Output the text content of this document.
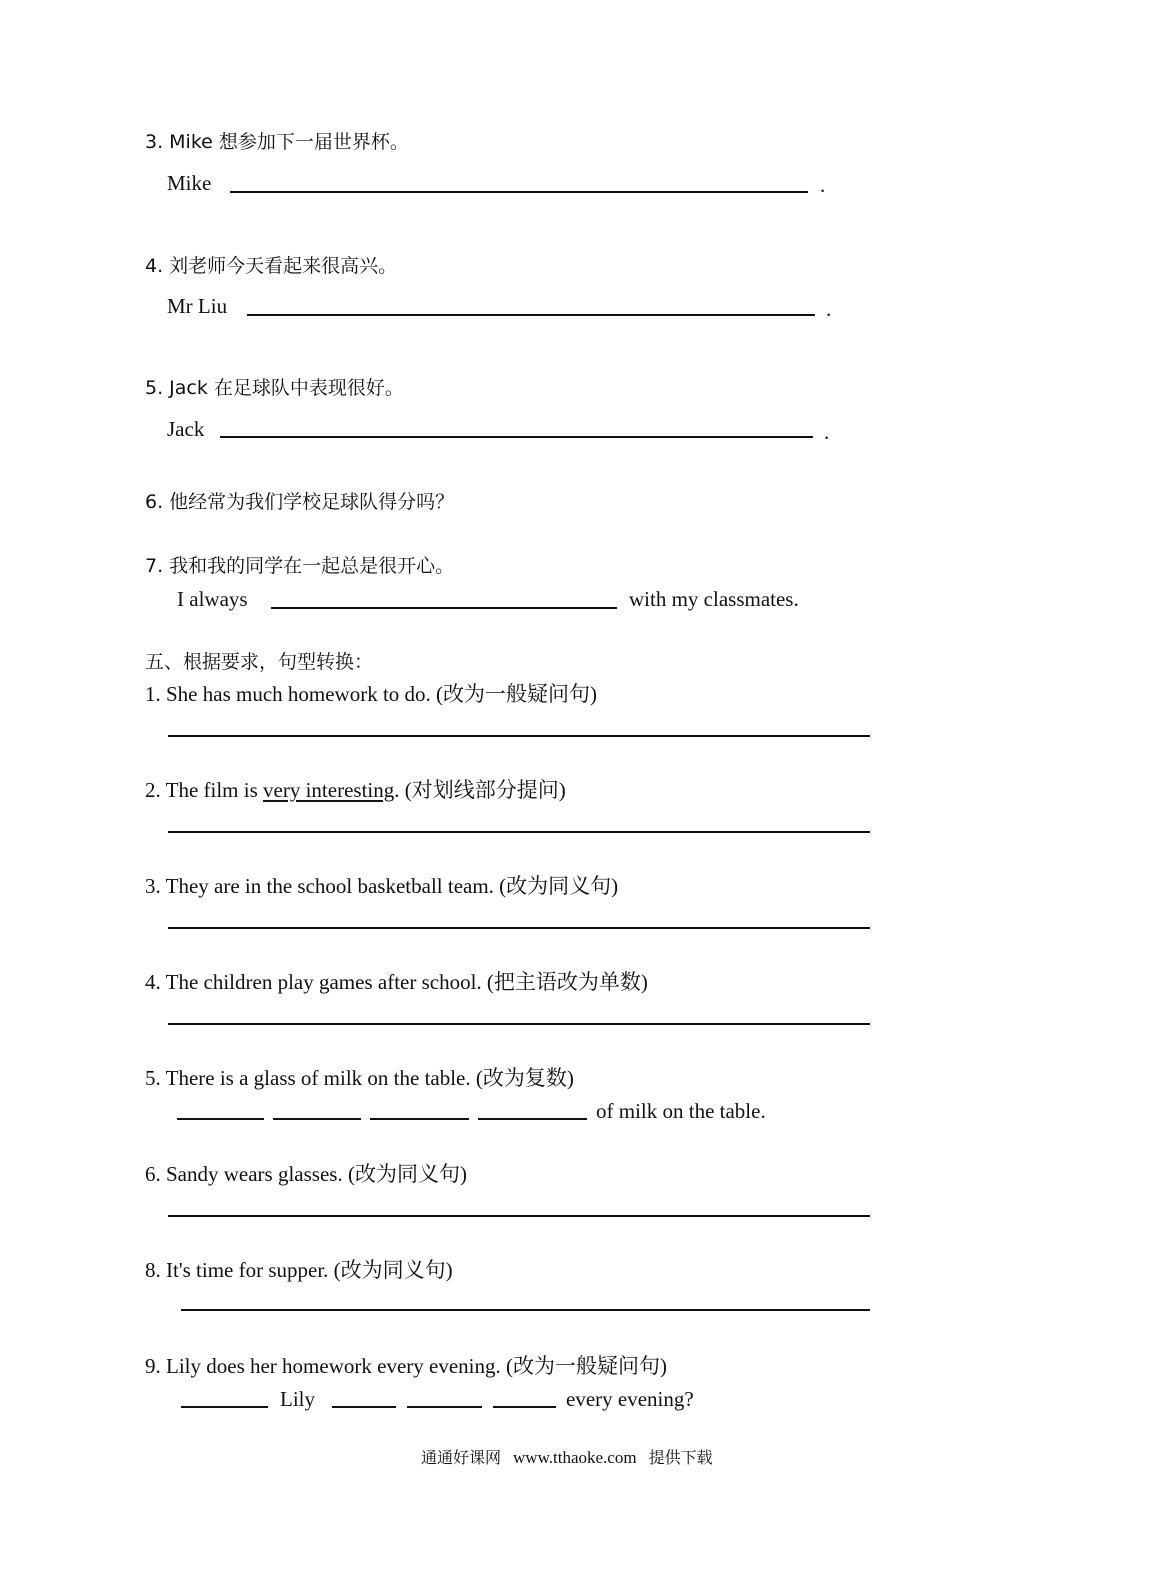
3. Mike 想参加下一届世界杯。
Mike	.
4. 刘老师今天看起来很高兴。
Mr Liu	.
5. Jack 在足球队中表现很好。
Jack	.
6. 他经常为我们学校足球队得分吗？
7. 我和我的同学在一起总是很开心。
I always	with my classmates.
五、根据要求，句型转换：
1. She has much homework to do. (改为一般疑问句)
2. The film is very interesting. (对划线部分提问)
3. They are in the school basketball team. (改为同义句)
4. The children play games after school. (把主语改为单数)
5. There is a glass of milk on the table. (改为复数)
of milk on the table.
6. Sandy wears glasses. (改为同义句)
8. It's time for supper. (改为同义句)
9. Lily does her homework every evening. (改为一般疑问句)
Lily	every evening?
通通好课网 www.tthaoke.com 提供下载
